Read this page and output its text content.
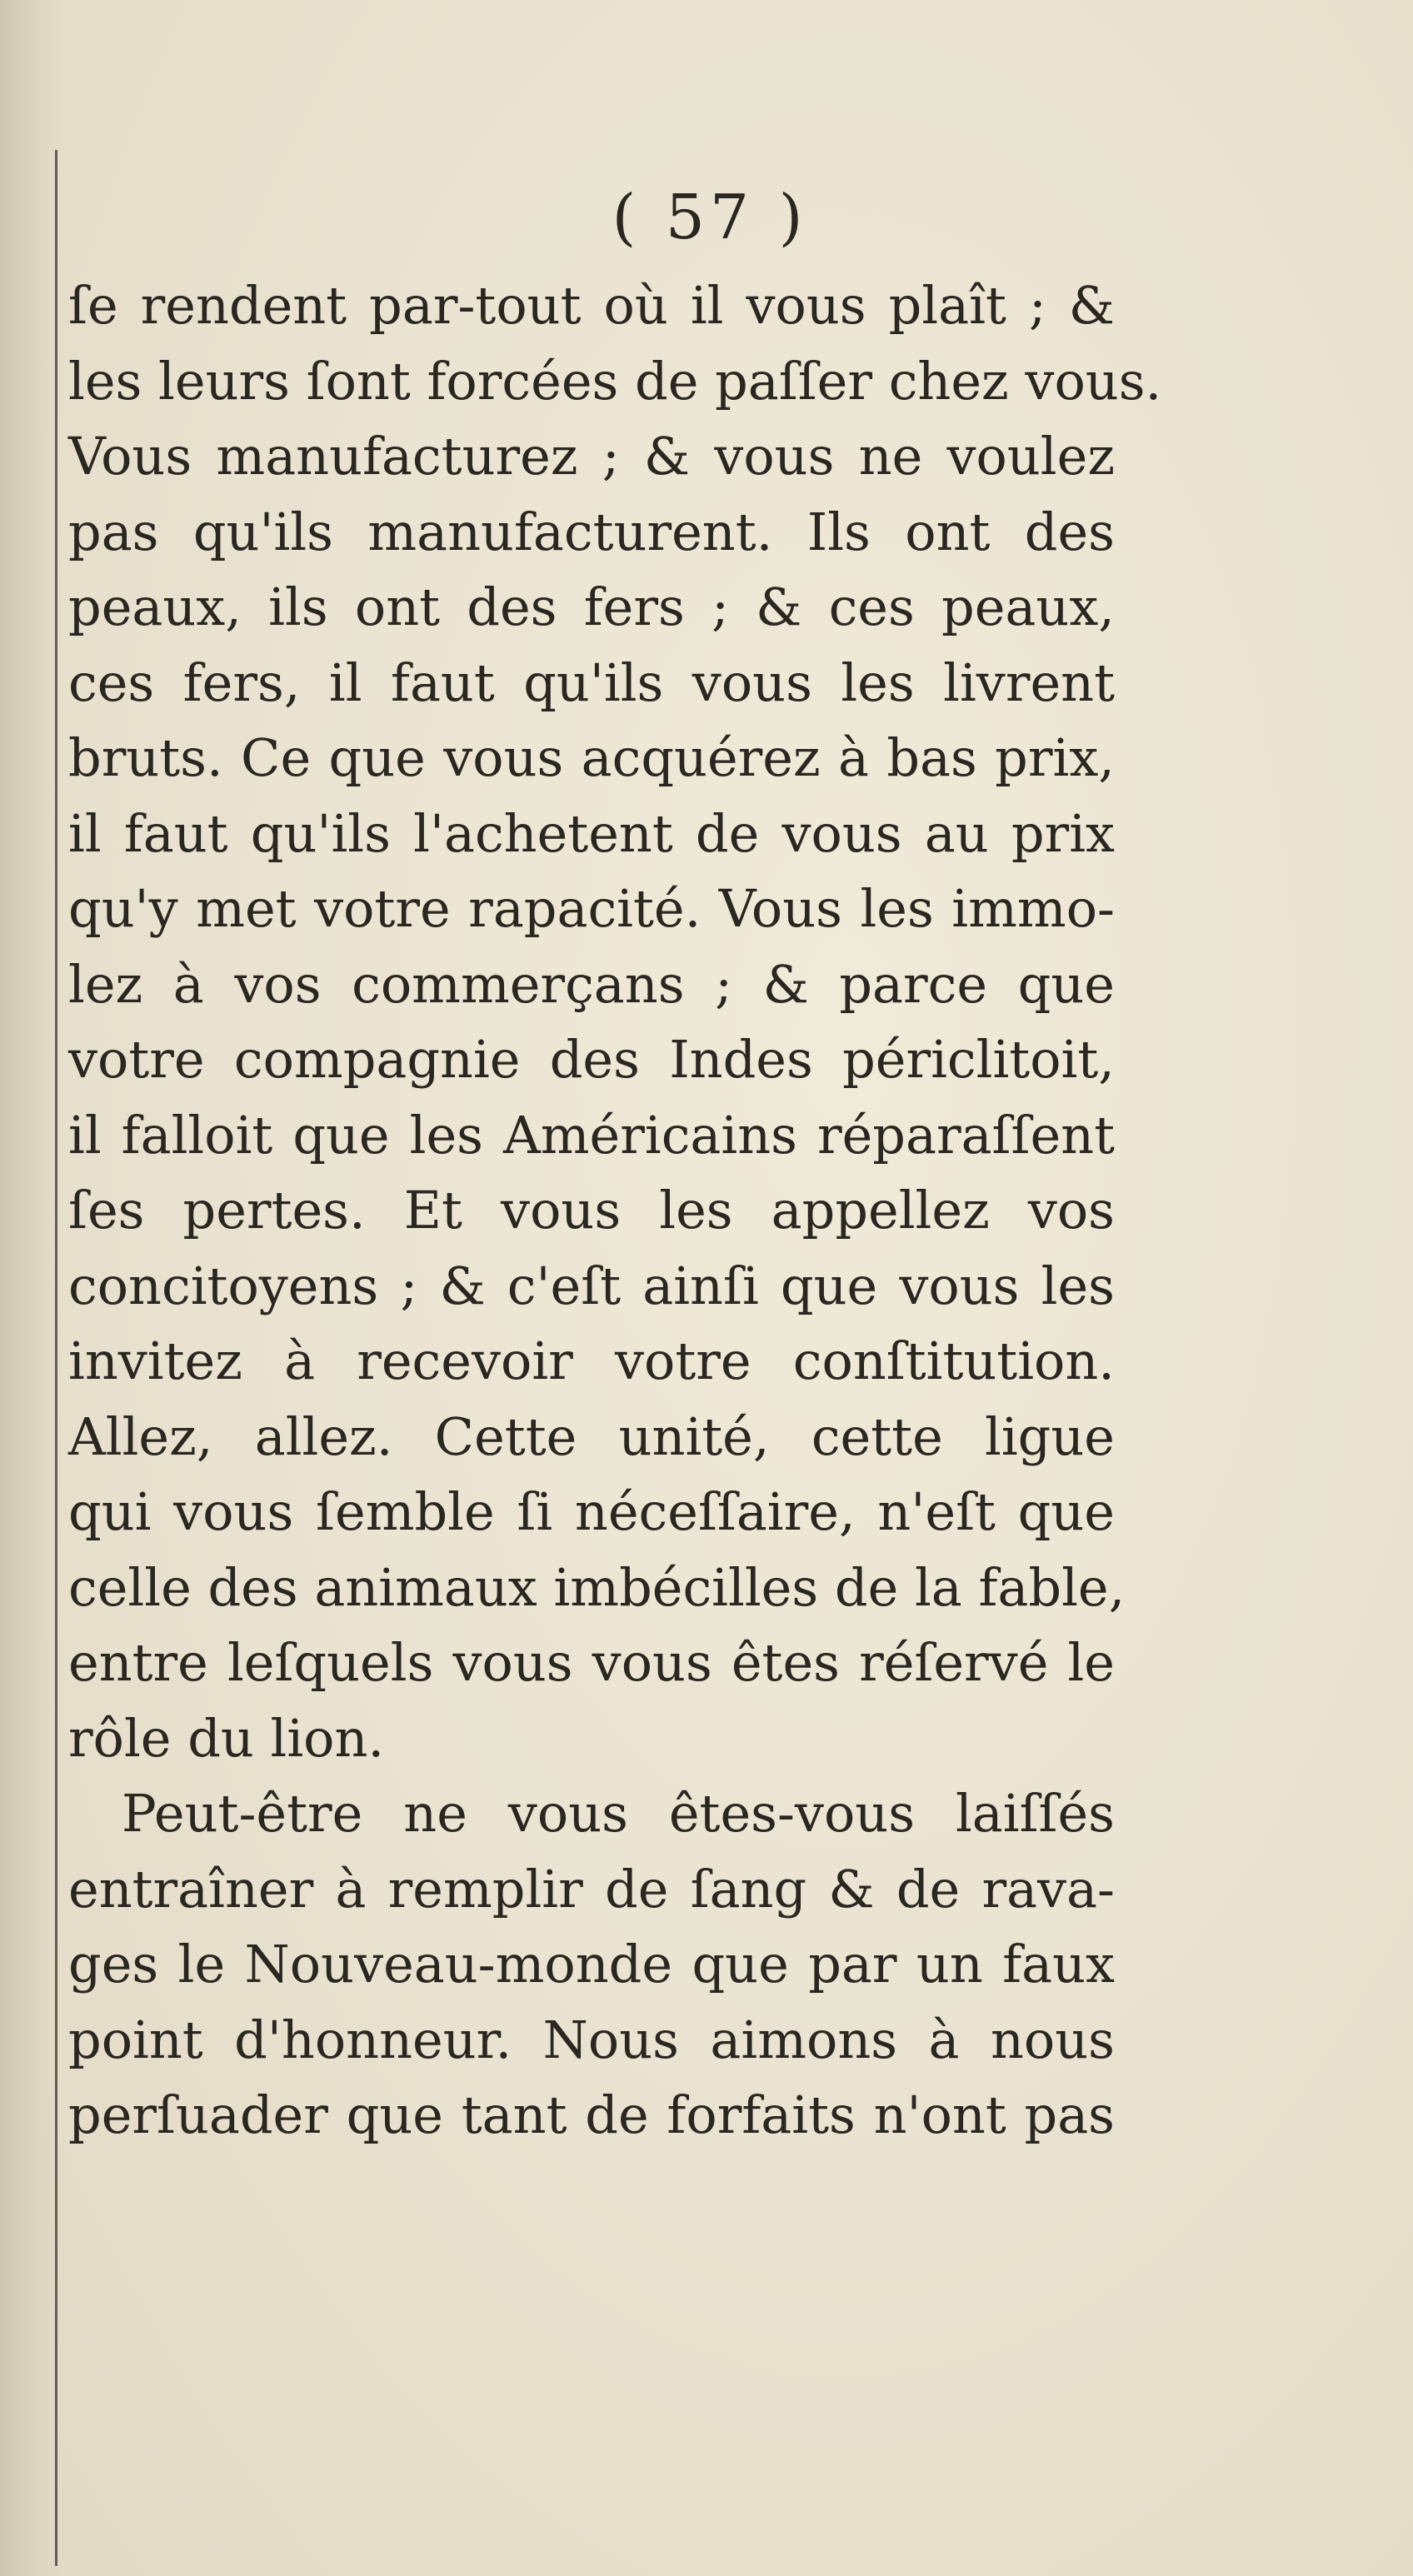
( 57 )
ſe rendent par-tout où il vous plaît ; &
les leurs ſont forcées de paſſer chez vous.
Vous manufacturez ; & vous ne voulez
pas qu'ils manufacturent. Ils ont des
peaux, ils ont des fers ; & ces peaux,
ces fers, il faut qu'ils vous les livrent
bruts. Ce que vous acquérez à bas prix,
il faut qu'ils l'achetent de vous au prix
qu'y met votre rapacité. Vous les immo-
lez à vos commerçans ; & parce que
votre compagnie des Indes périclitoit,
il falloit que les Américains réparaſſent
ſes pertes. Et vous les appellez vos
concitoyens ; & c'eſt ainſi que vous les
invitez à recevoir votre conſtitution.
Allez, allez. Cette unité, cette ligue
qui vous ſemble ſi néceſſaire, n'eſt que
celle des animaux imbécilles de la fable,
entre leſquels vous vous êtes réſervé le
rôle du lion.
Peut-être ne vous êtes-vous laiſſés
entraîner à remplir de ſang & de rava-
ges le Nouveau-monde que par un faux
point d'honneur. Nous aimons à nous
perſuader que tant de forfaits n'ont pas
